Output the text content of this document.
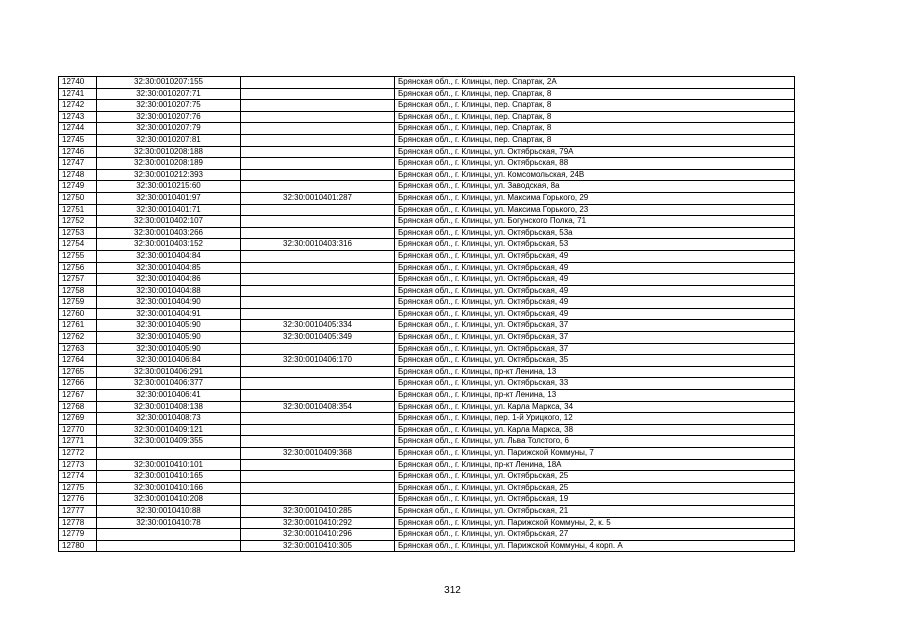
12740	32:30:0010207:155		Брянская обл., г. Клинцы, пер. Спартак, 2А
12741	32:30:0010207:71		Брянская обл., г. Клинцы, пер. Спартак, 8
12742	32:30:0010207:75		Брянская обл., г. Клинцы, пер. Спартак, 8
12743	32:30:0010207:76		Брянская обл., г. Клинцы, пер. Спартак, 8
12744	32:30:0010207:79		Брянская обл., г. Клинцы, пер. Спартак, 8
12745	32:30:0010207:81		Брянская обл., г. Клинцы, пер. Спартак, 8
12746	32:30:0010208:188		Брянская обл., г. Клинцы, ул. Октябрьская, 79А
12747	32:30:0010208:189		Брянская обл., г. Клинцы, ул. Октябрьская, 88
12748	32:30:0010212:393		Брянская обл., г. Клинцы, ул. Комсомольская, 24В
12749	32:30:0010215:60		Брянская обл., г. Клинцы, ул. Заводская, 8а
12750	32:30:0010401:97	32:30:0010401:287	Брянская обл., г. Клинцы, ул. Максима Горького, 29
12751	32:30:0010401:71		Брянская обл., г. Клинцы, ул. Максима Горького, 23
12752	32:30:0010402:107		Брянская обл., г. Клинцы, ул. Богунского Полка, 71
12753	32:30:0010403:266		Брянская обл., г. Клинцы, ул. Октябрьская, 53а
12754	32:30:0010403:152	32:30:0010403:316	Брянская обл., г. Клинцы, ул. Октябрьская, 53
12755	32:30:0010404:84		Брянская обл., г. Клинцы, ул. Октябрьская, 49
12756	32:30:0010404:85		Брянская обл., г. Клинцы, ул. Октябрьская, 49
12757	32:30:0010404:86		Брянская обл., г. Клинцы, ул. Октябрьская, 49
12758	32:30:0010404:88		Брянская обл., г. Клинцы, ул. Октябрьская, 49
12759	32:30:0010404:90		Брянская обл., г. Клинцы, ул. Октябрьская, 49
12760	32:30:0010404:91		Брянская обл., г. Клинцы, ул. Октябрьская, 49
12761	32:30:0010405:90	32:30:0010405:334	Брянская обл., г. Клинцы, ул. Октябрьская, 37
12762	32:30:0010405:90	32:30:0010405:349	Брянская обл., г. Клинцы, ул. Октябрьская, 37
12763	32:30:0010405:90		Брянская обл., г. Клинцы, ул. Октябрьская, 37
12764	32:30:0010406:84	32:30:0010406:170	Брянская обл., г. Клинцы, ул. Октябрьская, 35
12765	32:30:0010406:291		Брянская обл., г. Клинцы, пр-кт Ленина, 13
12766	32:30:0010406:377		Брянская обл., г. Клинцы, ул. Октябрьская, 33
12767	32:30:0010406:41		Брянская обл., г. Клинцы, пр-кт Ленина, 13
12768	32:30:0010408:138	32:30:0010408:354	Брянская обл., г. Клинцы, ул. Карла Маркса, 34
12769	32:30:0010408:73		Брянская обл., г. Клинцы, пер. 1-й Урицкого, 12
12770	32:30:0010409:121		Брянская обл., г. Клинцы, ул. Карла Маркса, 38
12771	32:30:0010409:355		Брянская обл., г. Клинцы, ул. Льва Толстого, 6
12772		32:30:0010409:368	Брянская обл., г. Клинцы, ул. Парижской Коммуны, 7
12773	32:30:0010410:101		Брянская обл., г. Клинцы, пр-кт Ленина, 18А
12774	32:30:0010410:165		Брянская обл., г. Клинцы, ул. Октябрьская, 25
12775	32:30:0010410:166		Брянская обл., г. Клинцы, ул. Октябрьская, 25
12776	32:30:0010410:208		Брянская обл., г. Клинцы, ул. Октябрьская, 19
12777	32:30:0010410:88	32:30:0010410:285	Брянская обл., г. Клинцы, ул. Октябрьская, 21
12778	32:30:0010410:78	32:30:0010410:292	Брянская обл., г. Клинцы, ул. Парижской Коммуны, 2, к. 5
12779		32:30:0010410:296	Брянская обл., г. Клинцы, ул. Октябрьская, 27
12780		32:30:0010410:305	Брянская обл., г. Клинцы, ул. Парижской Коммуны, 4 корп. А
312
